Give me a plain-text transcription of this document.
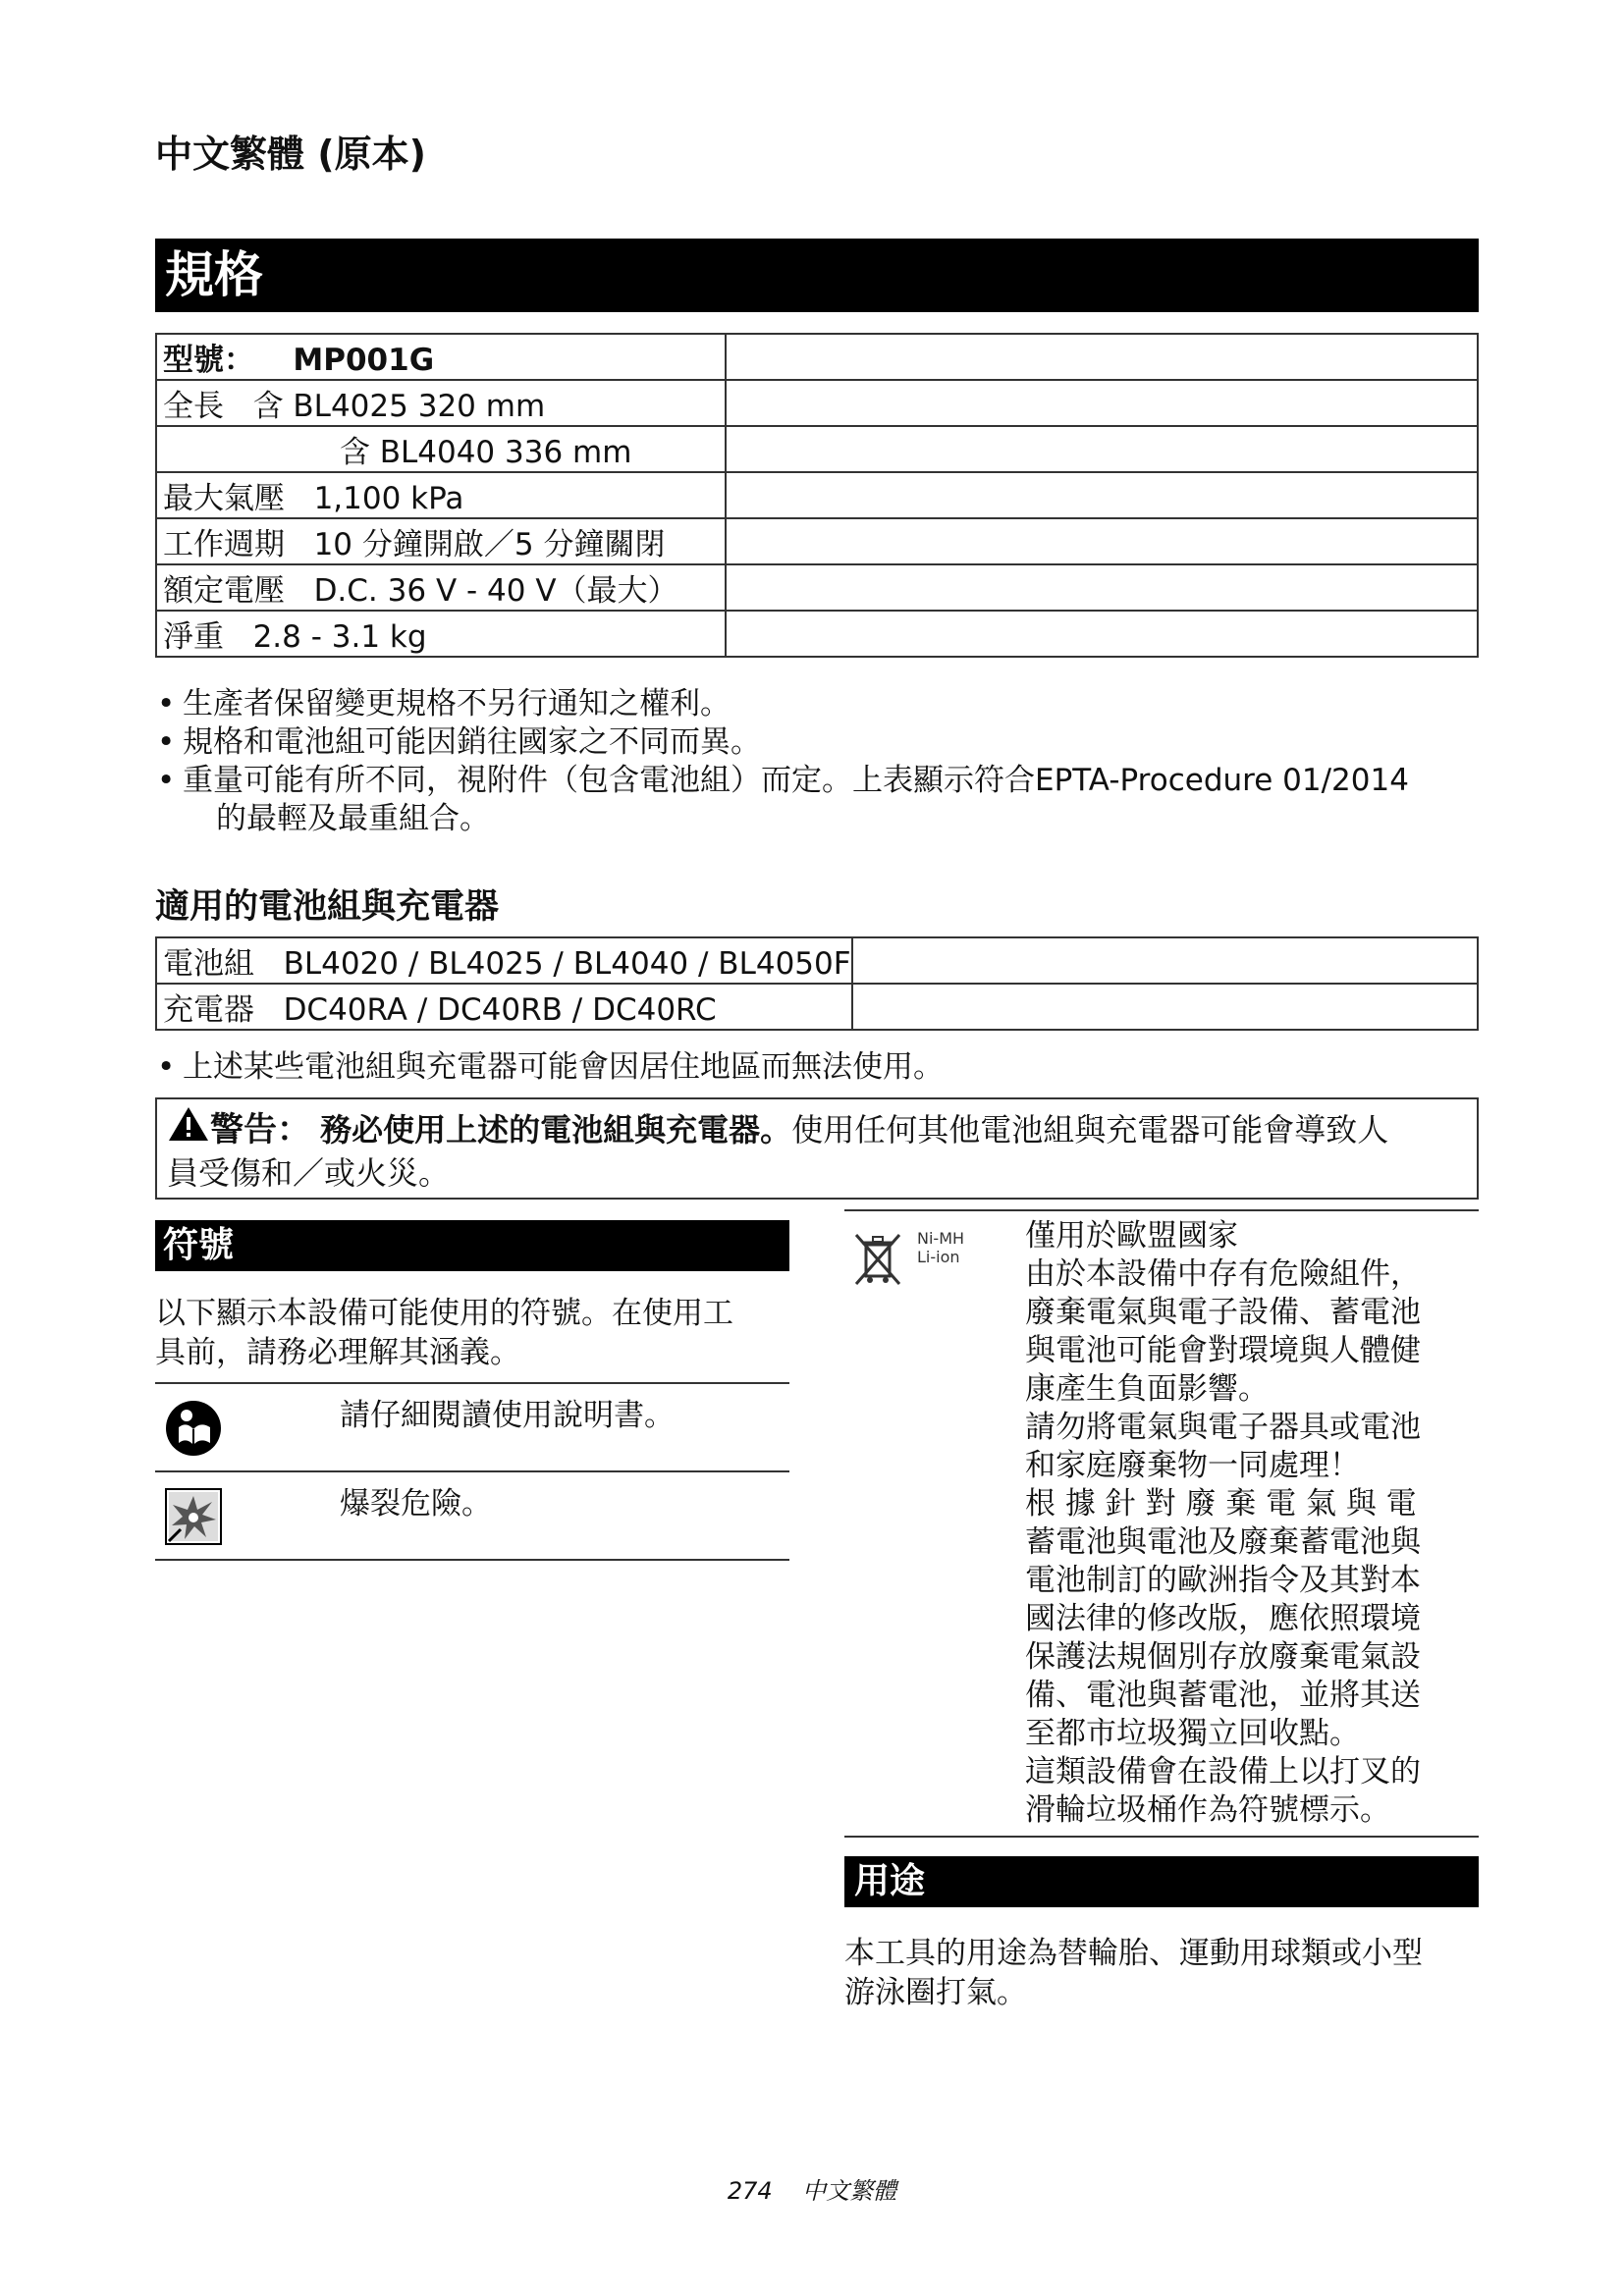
中文繁體 (原本)
規格
型號： MP001G	
全長 含 BL4025 320 mm	
含 BL4040 336 mm	
最大氣壓 1,100 kPa	
工作週期 10 分鐘開啟／5 分鐘關閉	
額定電壓 D.C. 36 V - 40 V（最大）	
淨重 2.8 - 3.1 kg	
• 生產者保留變更規格不另行通知之權利。
• 規格和電池組可能因銷往國家之不同而異。
• 重量可能有所不同，視附件（包含電池組）而定。上表顯示符合EPTA-Procedure 01/2014
的最輕及最重組合。
適用的電池組與充電器
電池組 BL4020 / BL4025 / BL4040 / BL4050F	
充電器 DC40RA / DC40RB / DC40RC	
• 上述某些電池組與充電器可能會因居住地區而無法使用。
警告： 務必使用上述的電池組與充電器。使用任何其他電池組與充電器可能會導致人
員受傷和／或火災。
符號
以下顯示本設備可能使用的符號。在使用工
具前，請務必理解其涵義。
請仔細閱讀使用說明書。
爆裂危險。
Ni-MH
Li-ion
僅用於歐盟國家
由於本設備中存有危險組件，
廢棄電氣與電子設備、蓄電池
與電池可能會對環境與人體健
康產生負面影響。
請勿將電氣與電子器具或電池
和家庭廢棄物一同處理！
根 據 針 對 廢 棄 電 氣 與 電
蓄電池與電池及廢棄蓄電池與
電池制訂的歐洲指令及其對本
國法律的修改版，應依照環境
保護法規個別存放廢棄電氣設
備、電池與蓄電池，並將其送
至都市垃圾獨立回收點。
這類設備會在設備上以打叉的
滑輪垃圾桶作為符號標示。
用途
本工具的用途為替輪胎、運動用球類或小型
游泳圈打氣。
274 中文繁體
